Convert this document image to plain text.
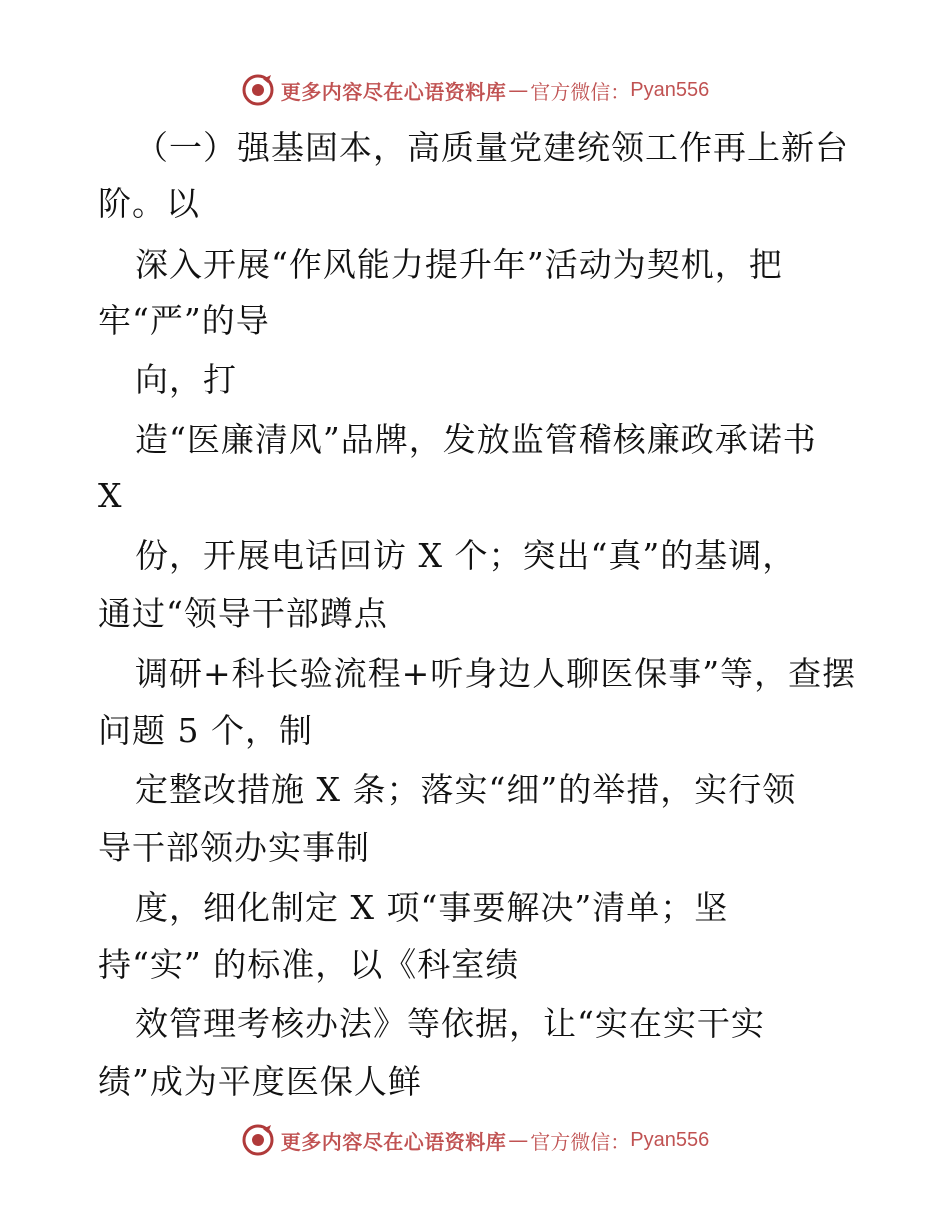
更多内容尽在心语资料库 — 官方微信： Pyan556
（一）强基固本，高质量党建统领工作再上新台
阶。以
深入开展“作风能力提升年”活动为契机，把
牢“严”的导
向，打
造“医廉清风”品牌，发放监管稽核廉政承诺书
X
份，开展电话回访 X 个；突出“真”的基调，
通过“领导干部蹲点
调研+科长验流程+听身边人聊医保事”等，查摆
问题 5 个，制
定整改措施 X 条；落实“细”的举措，实行领
导干部领办实事制
度，细化制定 X 项“事要解决”清单；坚
持“实” 的标准，以《科室绩
效管理考核办法》等依据，让“实在实干实
绩”成为平度医保人鲜
更多内容尽在心语资料库 — 官方微信： Pyan556
